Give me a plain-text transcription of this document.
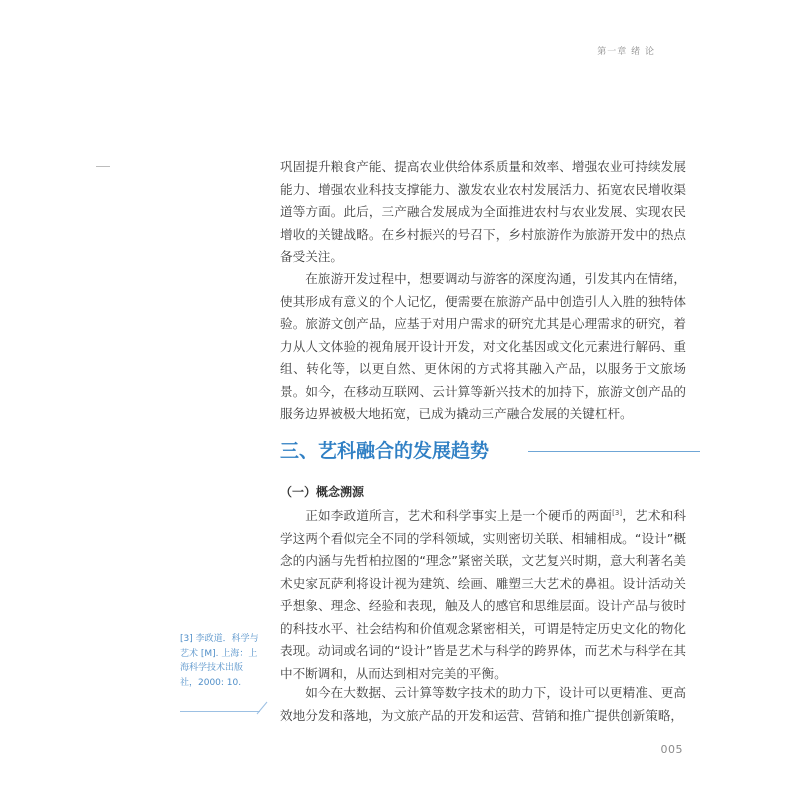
第一章 绪 论

巩固提升粮食产能、提高农业供给体系质量和效率、增强农业可持续发展能力、增强农业科技支撑能力、激发农业农村发展活力、拓宽农民增收渠道等方面。此后，三产融合发展成为全面推进农村与农业发展、实现农民增收的关键战略。在乡村振兴的号召下，乡村旅游作为旅游开发中的热点备受关注。

在旅游开发过程中，想要调动与游客的深度沟通，引发其内在情绪，使其形成有意义的个人记忆，便需要在旅游产品中创造引人入胜的独特体验。旅游文创产品，应基于对用户需求的研究尤其是心理需求的研究，着力从人文体验的视角展开设计开发，对文化基因或文化元素进行解码、重组、转化等，以更自然、更休闲的方式将其融入产品，以服务于文旅场景。如今，在移动互联网、云计算等新兴技术的加持下，旅游文创产品的服务边界被极大地拓宽，已成为撬动三产融合发展的关键杠杆。

三、艺科融合的发展趋势
（一）概念溯源

正如李政道所言，艺术和科学事实上是一个硬币的两面[3]，艺术和科学这两个看似完全不同的学科领域，实则密切关联、相辅相成。“设计”概念的内涵与先哲柏拉图的“理念”紧密关联，文艺复兴时期，意大利著名美术史家瓦萨利将设计视为建筑、绘画、雕塑三大艺术的鼻祖。设计活动关乎想象、理念、经验和表现，触及人的感官和思维层面。设计产品与彼时的科技水平、社会结构和价值观念紧密相关，可谓是特定历史文化的物化表现。动词或名词的“设计”皆是艺术与科学的跨界体，而艺术与科学在其中不断调和，从而达到相对完美的平衡。

如今在大数据、云计算等数字技术的助力下，设计可以更精准、更高效地分发和落地，为文旅产品的开发和运营、营销和推广提供创新策略，

[3] 李政道．科学与艺术 [M]. 上海：上海科学技术出版社，2000: 10.

005
